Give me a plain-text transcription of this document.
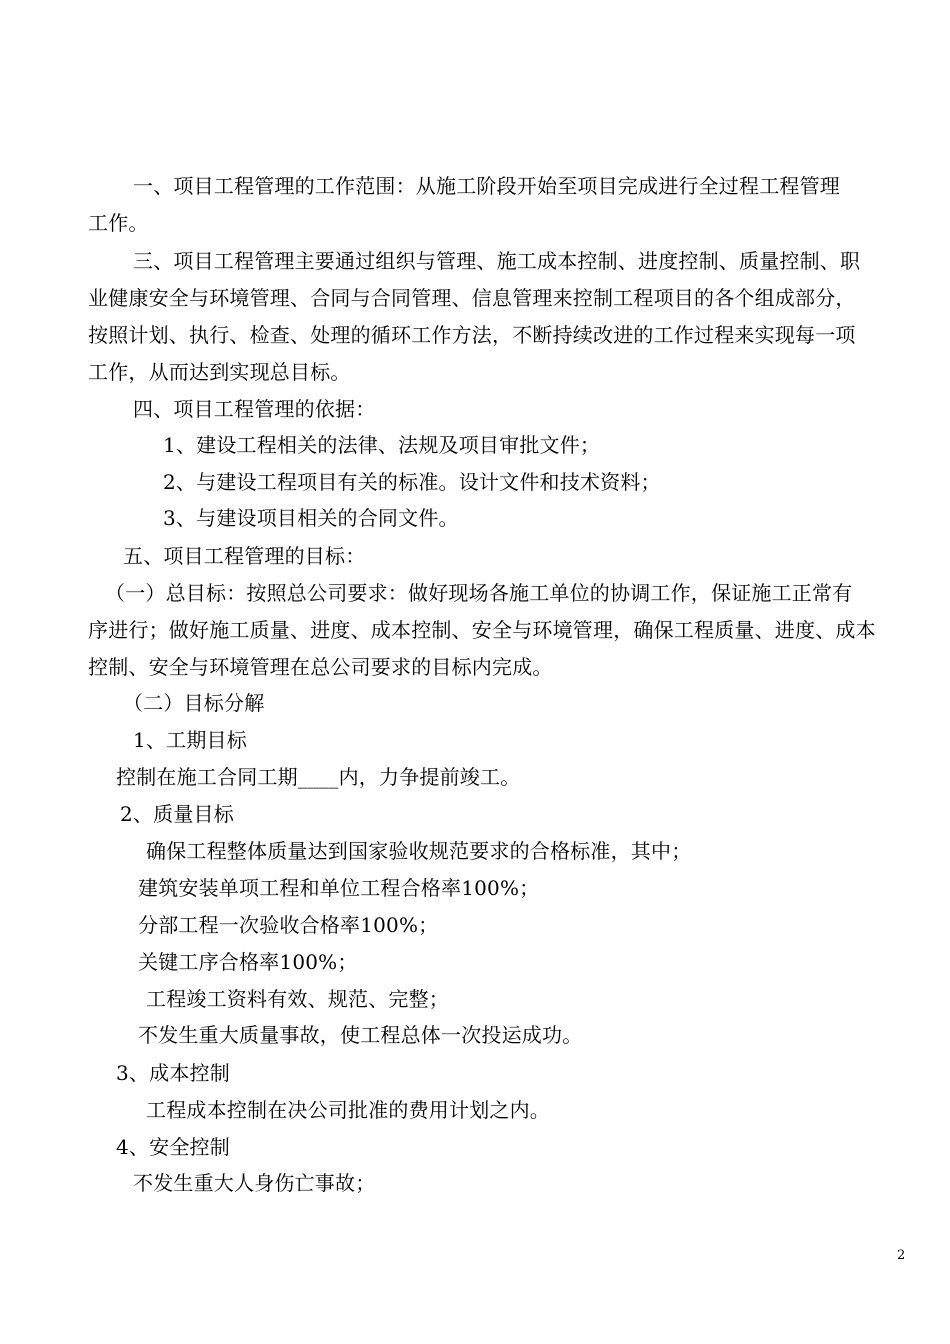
一、项目工程管理的工作范围：从施工阶段开始至项目完成进行全过程工程管理
工作。
三、项目工程管理主要通过组织与管理、施工成本控制、进度控制、质量控制、职
业健康安全与环境管理、合同与合同管理、信息管理来控制工程项目的各个组成部分，
按照计划、执行、检查、处理的循环工作方法，不断持续改进的工作过程来实现每一项
工作，从而达到实现总目标。
四、项目工程管理的依据：
1、建设工程相关的法律、法规及项目审批文件；
2、与建设工程项目有关的标准。设计文件和技术资料；
3、与建设项目相关的合同文件。
五、项目工程管理的目标：
（一）总目标：按照总公司要求：做好现场各施工单位的协调工作，保证施工正常有
序进行；做好施工质量、进度、成本控制、安全与环境管理，确保工程质量、进度、成本
控制、安全与环境管理在总公司要求的目标内完成。
（二）目标分解
1、工期目标
控制在施工合同工期____内，力争提前竣工。
2、质量目标
确保工程整体质量达到国家验收规范要求的合格标准，其中；
建筑安装单项工程和单位工程合格率100%；
分部工程一次验收合格率100%；
关键工序合格率100%；
工程竣工资料有效、规范、完整；
不发生重大质量事故，使工程总体一次投运成功。
3、成本控制
工程成本控制在决公司批准的费用计划之内。
4、安全控制
不发生重大人身伤亡事故；
2
